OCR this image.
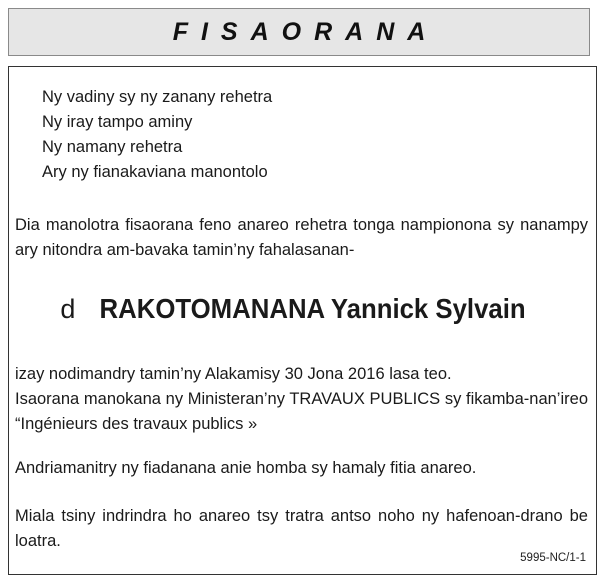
FISAORANA
Ny vadiny sy ny zanany rehetra
Ny iray tampo aminy
Ny namany rehetra
Ary ny fianakaviana manontolo

Dia manolotra fisaorana feno anareo rehetra tonga nampionona sy nanampy ary nitondra am-bavaka tamin’ny fahalasanan-

d RAKOTOMANANA Yannick Sylvain

izay nodimandry tamin’ny Alakamisy 30 Jona 2016 lasa teo.

Isaorana manokana ny Ministeran’ny TRAVAUX PUBLICS sy fikamba-nan’ireo “Ingénieurs des travaux publics »

Andriamanitry ny fiadanana anie homba sy hamaly fitia anareo.

Miala tsiny indrindra ho anareo tsy tratra antso noho ny hafenoan-drano be loatra.

5995-NC/1-1
